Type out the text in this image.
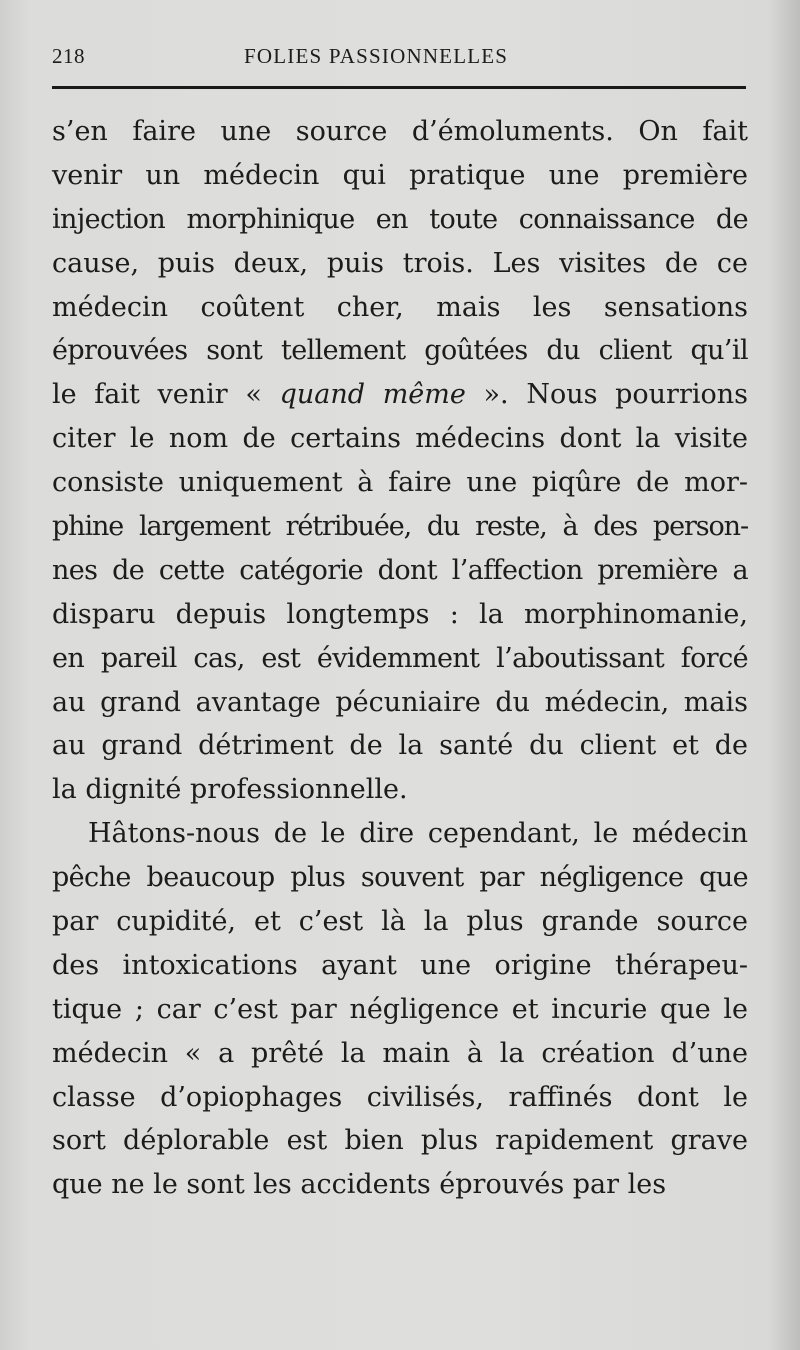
218	FOLIES PASSIONNELLES
s’en faire une source d’émoluments. On fait
venir un médecin qui pratique une première
injection morphinique en toute connaissance de
cause, puis deux, puis trois. Les visites de ce
médecin coûtent cher, mais les sensations
éprouvées sont tellement goûtées du client qu’il
le fait venir « quand même ». Nous pourrions
citer le nom de certains médecins dont la visite
consiste uniquement à faire une piqûre de mor-
phine largement rétribuée, du reste, à des person-
nes de cette catégorie dont l’affection première a
disparu depuis longtemps : la morphinomanie,
en pareil cas, est évidemment l’aboutissant forcé
au grand avantage pécuniaire du médecin, mais
au grand détriment de la santé du client et de
la dignité professionnelle.
Hâtons-nous de le dire cependant, le médecin
pêche beaucoup plus souvent par négligence que
par cupidité, et c’est là la plus grande source
des intoxications ayant une origine thérapeu-
tique ; car c’est par négligence et incurie que le
médecin « a prêté la main à la création d’une
classe d’opiophages civilisés, raffinés dont le
sort déplorable est bien plus rapidement grave
que ne le sont les accidents éprouvés par les
